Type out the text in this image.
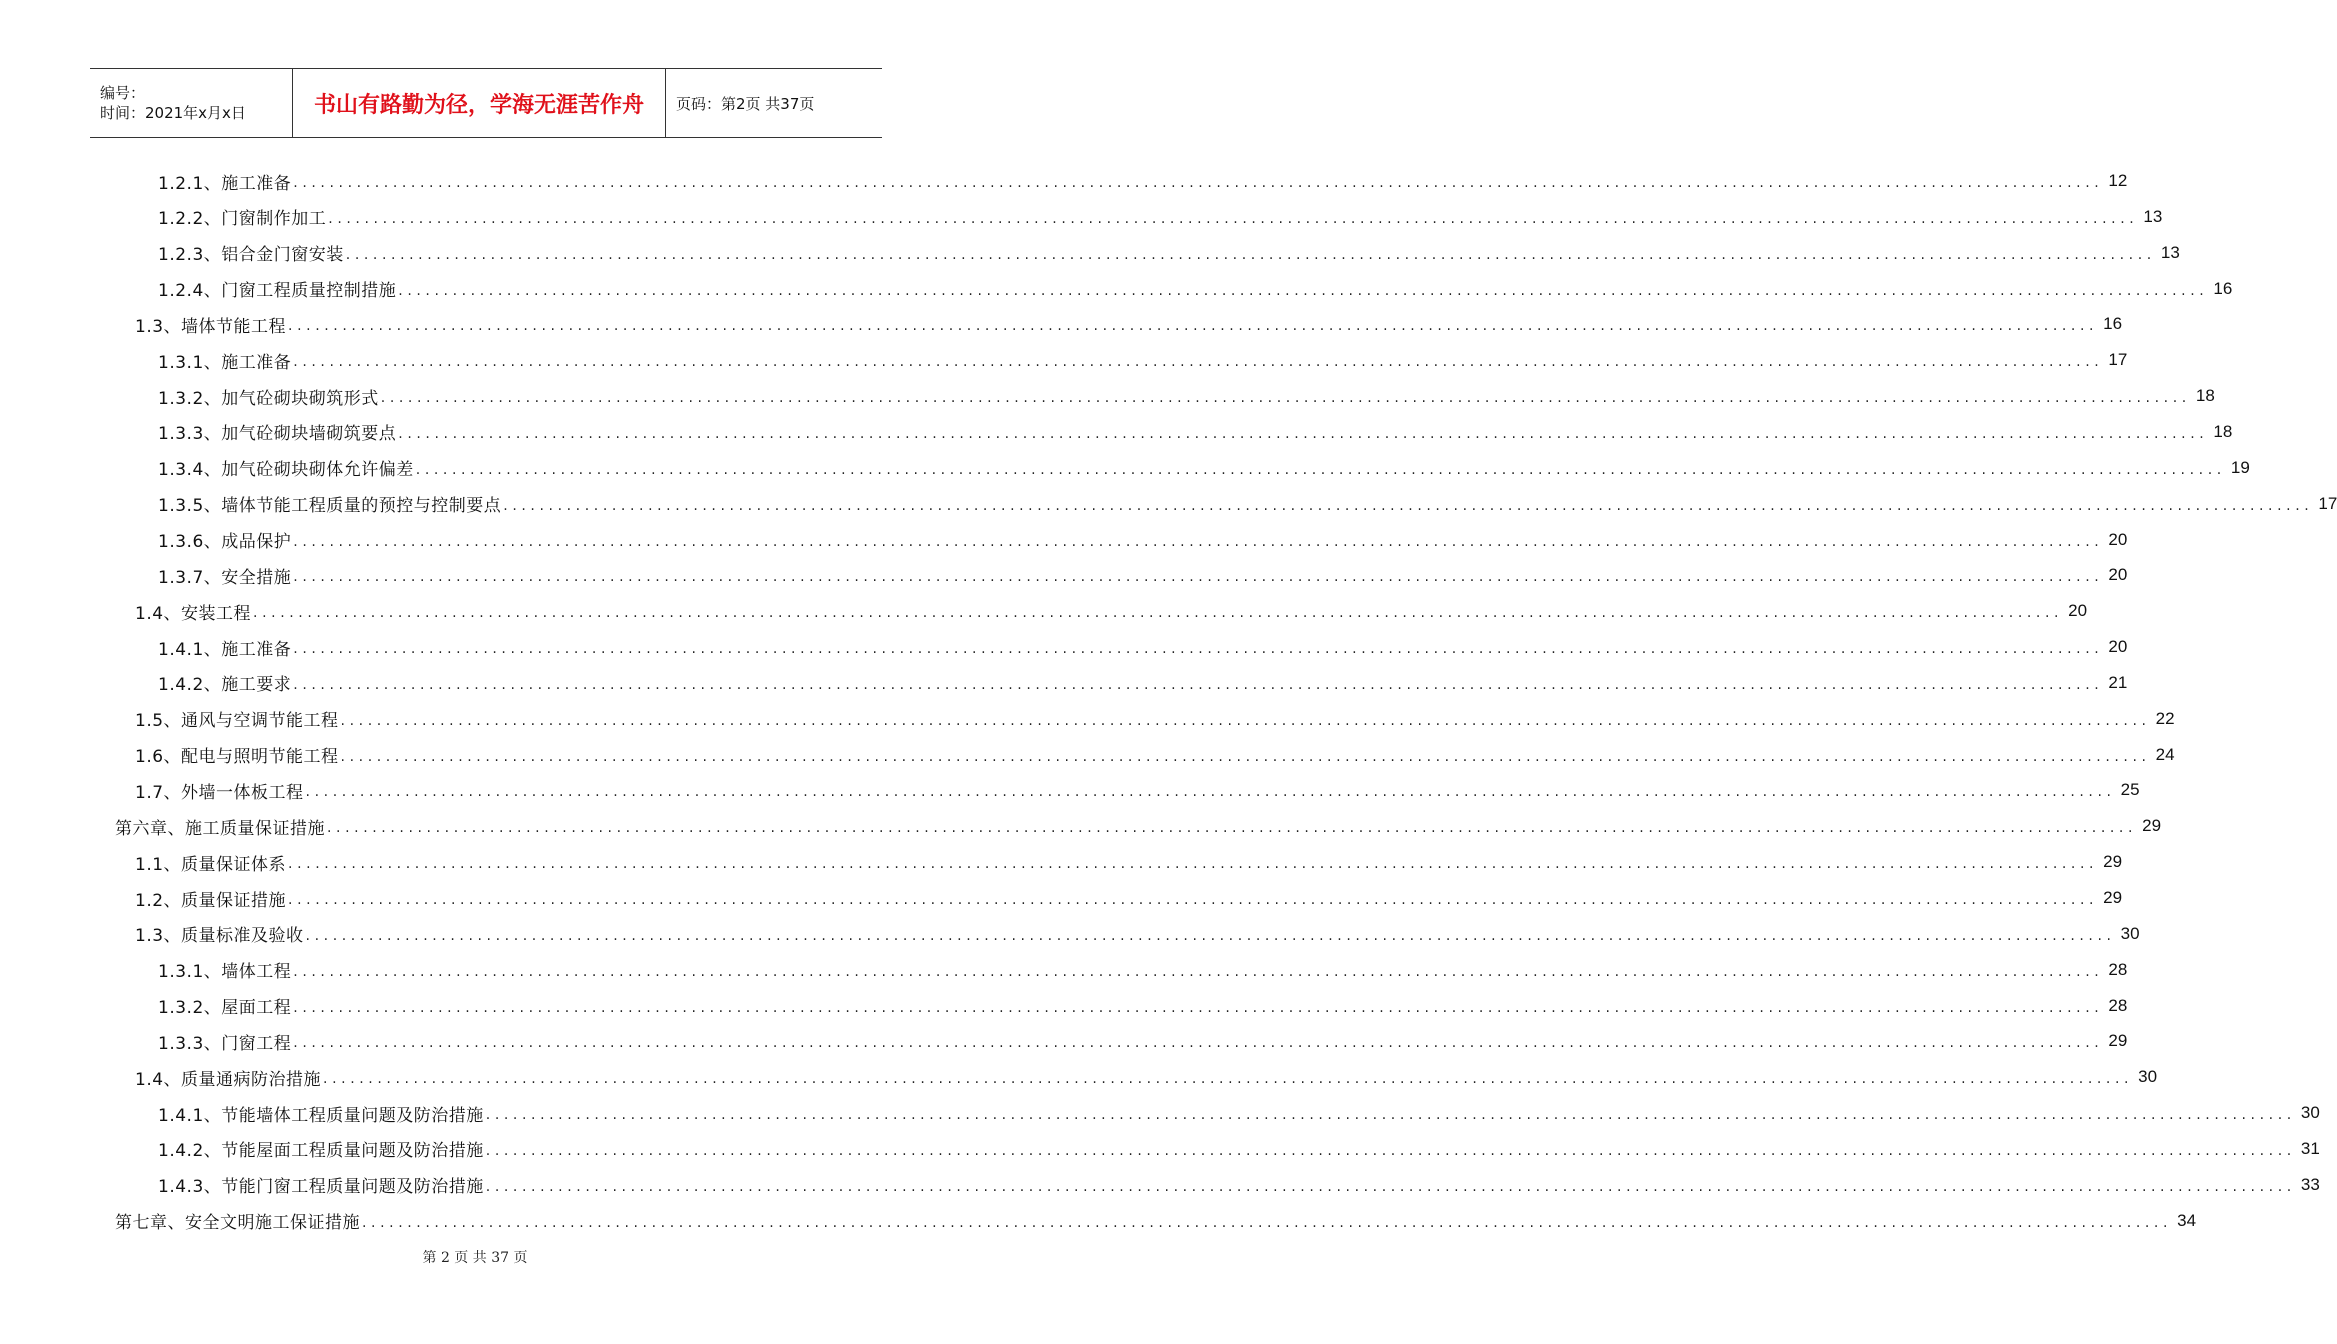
编号：
时间：2021年x月x日	书山有路勤为径，学海无涯苦作舟 页码：第2页 共37页
1.2.1、施工准备 ........................................................................................................................................................................................................ 12
1.2.2、门窗制作加工 ........................................................................................................................................................................................................ 13
1.2.3、铝合金门窗安装 ........................................................................................................................................................................................................ 13
1.2.4、门窗工程质量控制措施 ........................................................................................................................................................................................................ 16
1.3、墙体节能工程 ........................................................................................................................................................................................................ 16
1.3.1、施工准备 ........................................................................................................................................................................................................ 17
1.3.2、加气砼砌块砌筑形式 ........................................................................................................................................................................................................ 18
1.3.3、加气砼砌块墙砌筑要点 ........................................................................................................................................................................................................ 18
1.3.4、加气砼砌块砌体允许偏差 ........................................................................................................................................................................................................ 19
1.3.5、墙体节能工程质量的预控与控制要点 ........................................................................................................................................................................................................ 17
1.3.6、成品保护 ........................................................................................................................................................................................................ 20
1.3.7、安全措施 ........................................................................................................................................................................................................ 20
1.4、安装工程 ........................................................................................................................................................................................................ 20
1.4.1、施工准备 ........................................................................................................................................................................................................ 20
1.4.2、施工要求 ........................................................................................................................................................................................................ 21
1.5、通风与空调节能工程 ........................................................................................................................................................................................................ 22
1.6、配电与照明节能工程 ........................................................................................................................................................................................................ 24
1.7、外墙一体板工程 ........................................................................................................................................................................................................ 25
第六章、施工质量保证措施 ........................................................................................................................................................................................................ 29
1.1、质量保证体系 ........................................................................................................................................................................................................ 29
1.2、质量保证措施 ........................................................................................................................................................................................................ 29
1.3、质量标准及验收 ........................................................................................................................................................................................................ 30
1.3.1、墙体工程 ........................................................................................................................................................................................................ 28
1.3.2、屋面工程 ........................................................................................................................................................................................................ 28
1.3.3、门窗工程 ........................................................................................................................................................................................................ 29
1.4、质量通病防治措施 ........................................................................................................................................................................................................ 30
1.4.1、节能墙体工程质量问题及防治措施 ........................................................................................................................................................................................................ 30
1.4.2、节能屋面工程质量问题及防治措施 ........................................................................................................................................................................................................ 31
1.4.3、节能门窗工程质量问题及防治措施 ........................................................................................................................................................................................................ 33
第七章、安全文明施工保证措施 ........................................................................................................................................................................................................ 34
第 2 页 共 37 页
